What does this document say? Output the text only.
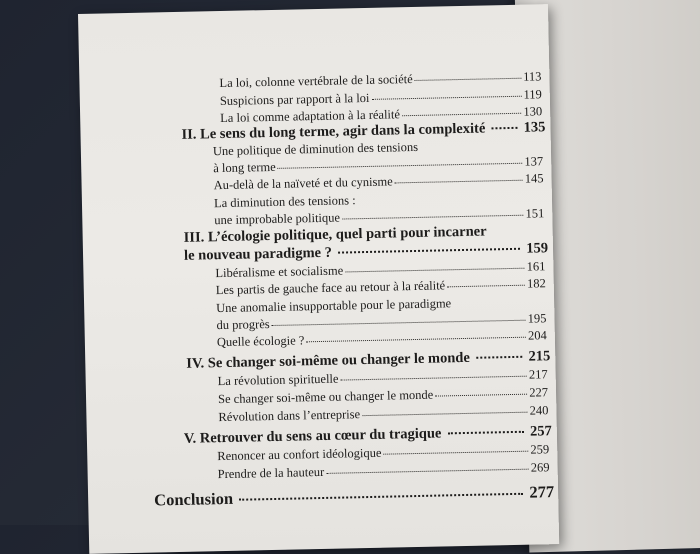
La loi, colonne vertébrale de la société	113
Suspicions par rapport à la loi	119
La loi comme adaptation à la réalité	130
II. Le sens du long terme, agir dans la complexité	135
Une politique de diminution des tensions
à long terme	137
Au-delà de la naïveté et du cynisme	145
La diminution des tensions :
une improbable politique	151
III. L’écologie politique, quel parti pour incarner
le nouveau paradigme ?	159
Libéralisme et socialisme	161
Les partis de gauche face au retour à la réalité	182
Une anomalie insupportable pour le paradigme
du progrès	195
Quelle écologie ?	204
IV. Se changer soi-même ou changer le monde	215
La révolution spirituelle	217
Se changer soi-même ou changer le monde	227
Révolution dans l’entreprise	240
V. Retrouver du sens au cœur du tragique	257
Renoncer au confort idéologique	259
Prendre de la hauteur	269
Conclusion	277
